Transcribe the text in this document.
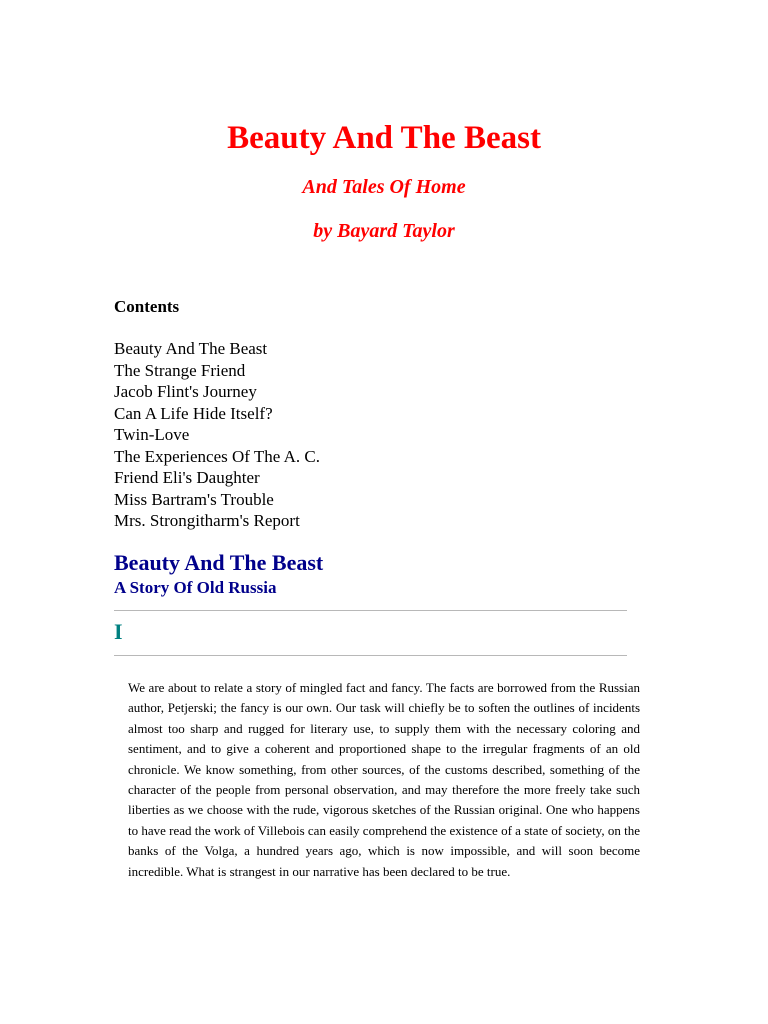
Beauty And The Beast
And Tales Of Home
by Bayard Taylor
Contents
Beauty And The Beast
The Strange Friend
Jacob Flint's Journey
Can A Life Hide Itself?
Twin-Love
The Experiences Of The A. C.
Friend Eli's Daughter
Miss Bartram's Trouble
Mrs. Strongitharm's Report
Beauty And The Beast
A Story Of Old Russia
I

We are about to relate a story of mingled fact and fancy. The facts are borrowed from the Russian author, Petjerski; the fancy is our own. Our task will chiefly be to soften the outlines of incidents almost too sharp and rugged for literary use, to supply them with the necessary coloring and sentiment, and to give a coherent and proportioned shape to the irregular fragments of an old chronicle. We know something, from other sources, of the customs described, something of the character of the people from personal observation, and may therefore the more freely take such liberties as we choose with the rude, vigorous sketches of the Russian original. One who happens to have read the work of Villebois can easily comprehend the existence of a state of society, on the banks of the Volga, a hundred years ago, which is now impossible, and will soon become incredible. What is strangest in our narrative has been declared to be true.
